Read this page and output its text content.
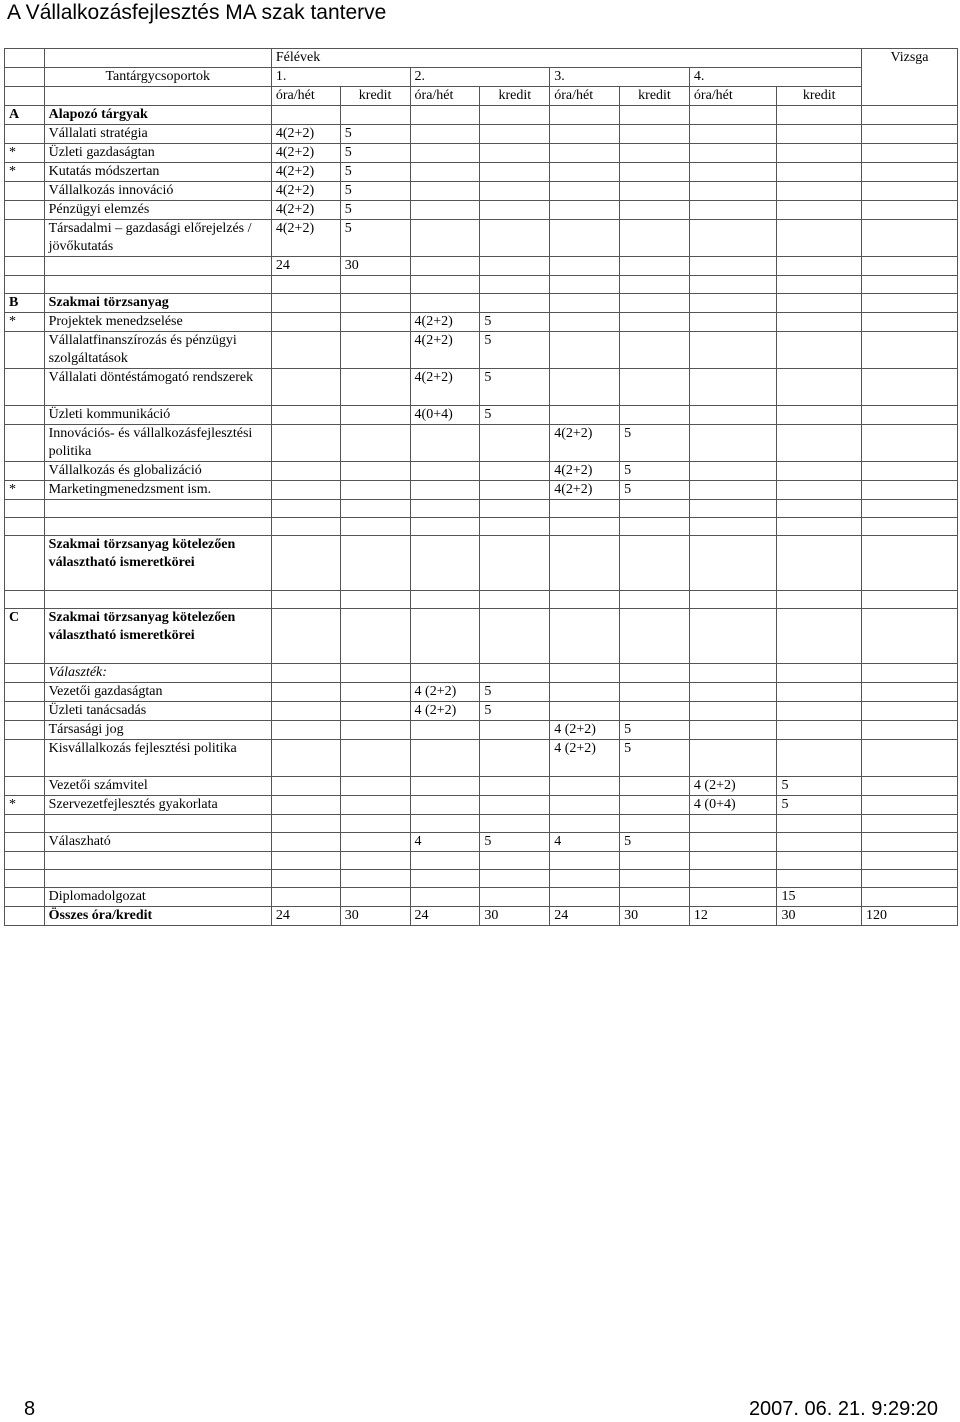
A Vállalkozásfejlesztés MA szak tanterve
		Félévek								Vizsga
	Tantárgycsoportok	1.		2.		3.		4.		
		óra/hét	kredit	óra/hét	kredit	óra/hét	kredit	óra/hét	kredit	
A	Alapozó tárgyak									
	Vállalati stratégia	4(2+2)	5							
*	Üzleti gazdaságtan	4(2+2)	5							
*	Kutatás módszertan	4(2+2)	5							
	Vállalkozás innováció	4(2+2)	5							
	Pénzügyi elemzés	4(2+2)	5							
	Társadalmi – gazdasági előrejelzés / jövőkutatás	4(2+2)	5							
		24	30							

B	Szakmai törzsanyag									
*	Projektek menedzselése			4(2+2)	5					
	Vállalatfinanszírozás és pénzügyi szolgáltatások			4(2+2)	5					
	Vállalati döntéstámogató rendszerek			4(2+2)	5					
	Üzleti kommunikáció			4(0+4)	5					
	Innovációs- és vállalkozásfejlesztési politika					4(2+2)	5			
	Vállalkozás és globalizáció					4(2+2)	5			
*	Marketingmenedzsment ism.					4(2+2)	5			

	Szakmai törzsanyag kötelezően választható ismeretkörei									

C	Szakmai törzsanyag kötelezően választható ismeretkörei									
	Választék:									
	Vezetői gazdaságtan			4 (2+2)	5					
	Üzleti tanácsadás			4 (2+2)	5					
	Társasági jog					4 (2+2)	5			
	Kisvállalkozás fejlesztési politika					4 (2+2)	5			
	Vezetői számvitel							4 (2+2)	5	
*	Szervezetfejlesztés gyakorlata							4 (0+4)	5	

	Válaszható			4	5	4	5			

	Diplomadolgozat								15	
	Összes óra/kredit	24	30	24	30	24	30	12	30	120
8	2007. 06. 21. 9:29:20
